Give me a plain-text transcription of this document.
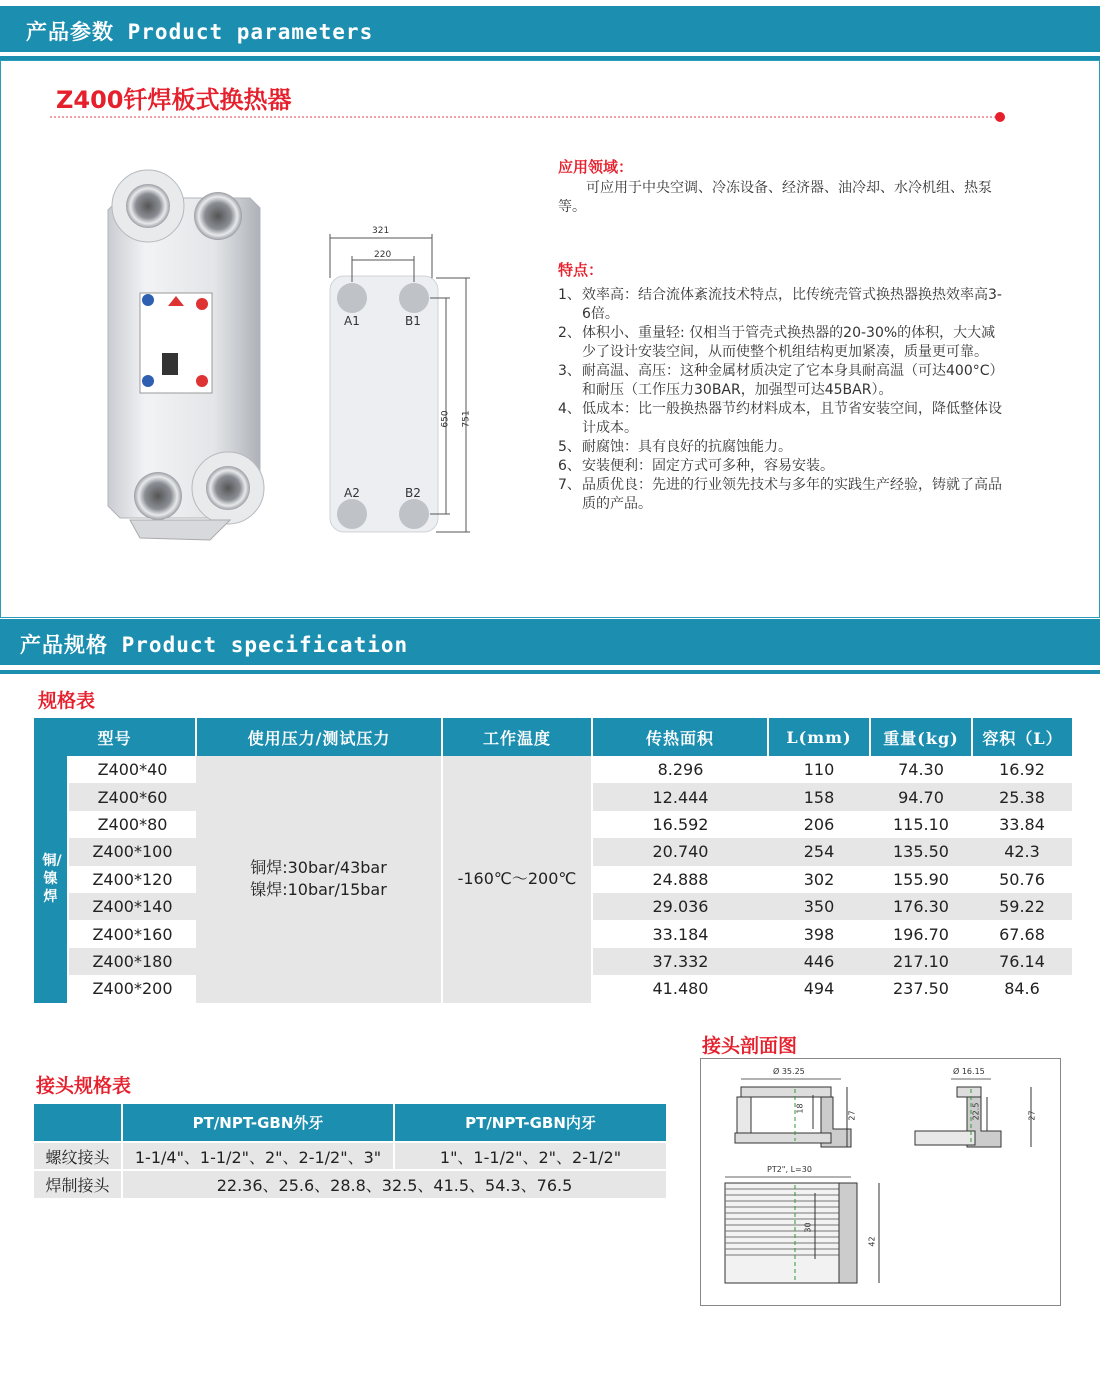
产品参数 Product parameters
Z400钎焊板式换热器
321
220
650 751
A1	B1
A2	B2
应用领域：
可应用于中央空调、冷冻设备、经济器、油冷却、水冷机组、热泵等。
特点：
1、 效率高：结合流体紊流技术特点，比传统壳管式换热器换热效率高3-6倍。
2、 体积小、重量轻: 仅相当于管壳式换热器的20-30%的体积，大大减少了设计安装空间，从而使整个机组结构更加紧凑，质量更可靠。
3、 耐高温、高压：这种金属材质决定了它本身具耐高温（可达400°C）和耐压（工作压力30BAR，加强型可达45BAR）。
4、 低成本：比一般换热器节约材料成本，且节省安装空间，降低整体设计成本。
5、 耐腐蚀：具有良好的抗腐蚀能力。
6、 安装便利：固定方式可多种，容易安装。
7、 品质优良：先进的行业领先技术与多年的实践生产经验，铸就了高品质的产品。
产品规格 Product specification
规格表
型号		使用压力/测试压力	工作温度	传热面积	L(mm)	重量(kg)	容积（L）

铜/镍焊	Z400*40	铜焊:30bar/43bar
镍焊:10bar/15bar	-160℃～200℃	8.296	110	74.30	16.92
	Z400*60			12.444	158	94.70	25.38
	Z400*80			16.592	206	115.10	33.84
	Z400*100			20.740	254	135.50	42.3
	Z400*120			24.888	302	155.90	50.76
	Z400*140			29.036	350	176.30	59.22
	Z400*160			33.184	398	196.70	67.68
	Z400*180			37.332	446	217.10	76.14
	Z400*200			41.480	494	237.50	84.6
接头规格表
	PT/NPT-GBN外牙	PT/NPT-GBN内牙
螺纹接头	1-1/4"、1-1/2"、2"、2-1/2"、3"	1"、1-1/2"、2"、2-1/2"
焊制接头	22.36、25.6、28.8、32.5、41.5、54.3、76.5	
接头剖面图
Ø 35.25
18
27
Ø 16.15
22.5	27
PT2", L=30
30
42
